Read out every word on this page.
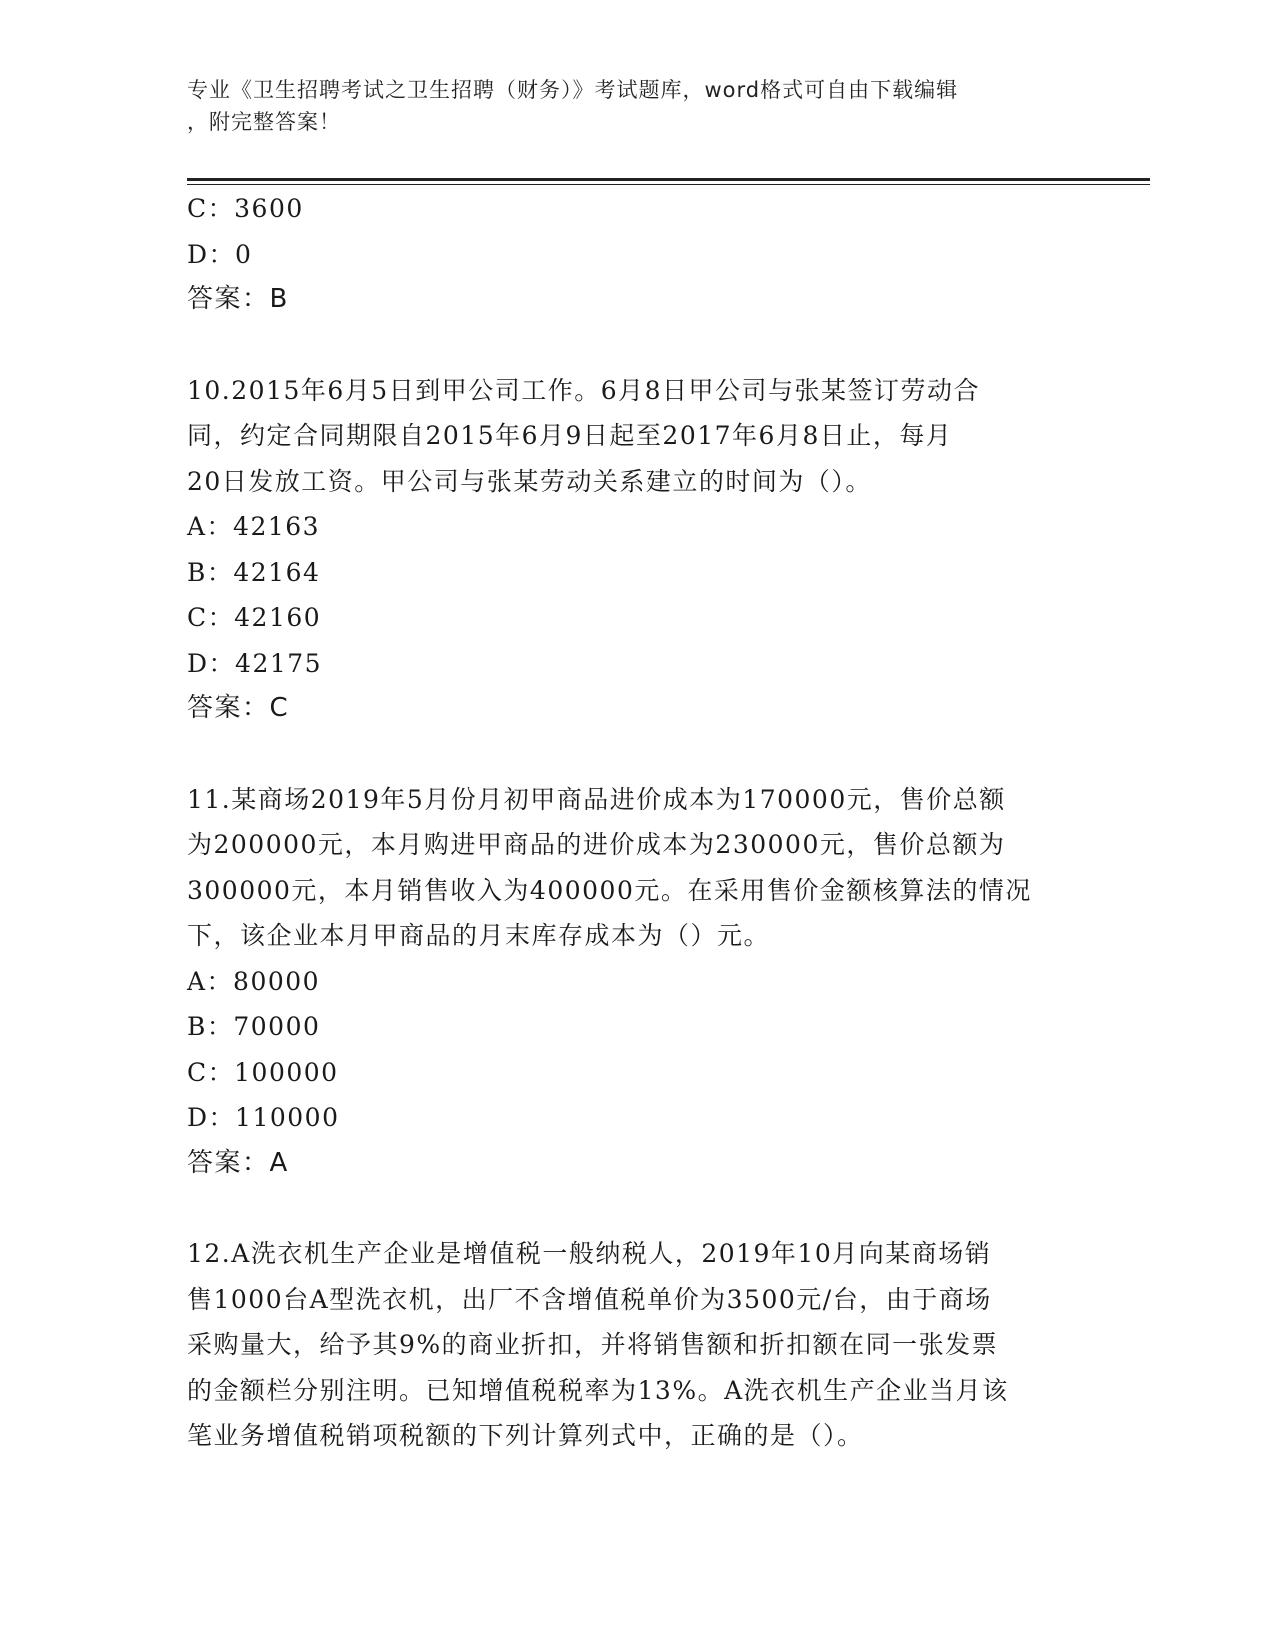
专业《卫生招聘考试之卫生招聘（财务）》考试题库，word格式可自由下载编辑
，附完整答案！
C：3600
D：0
答案：B
10.2015年6月5日到甲公司工作。6月8日甲公司与张某签订劳动合
同，约定合同期限自2015年6月9日起至2017年6月8日止，每月
20日发放工资。甲公司与张某劳动关系建立的时间为（）。
A：42163
B：42164
C：42160
D：42175
答案：C
11.某商场2019年5月份月初甲商品进价成本为170000元，售价总额
为200000元，本月购进甲商品的进价成本为230000元，售价总额为
300000元，本月销售收入为400000元。在采用售价金额核算法的情况
下，该企业本月甲商品的月末库存成本为（）元。
A：80000
B：70000
C：100000
D：110000
答案：A
12.A洗衣机生产企业是增值税一般纳税人，2019年10月向某商场销
售1000台A型洗衣机，出厂不含增值税单价为3500元/台，由于商场
采购量大，给予其9%的商业折扣，并将销售额和折扣额在同一张发票
的金额栏分别注明。已知增值税税率为13%。A洗衣机生产企业当月该
笔业务增值税销项税额的下列计算列式中，正确的是（）。
